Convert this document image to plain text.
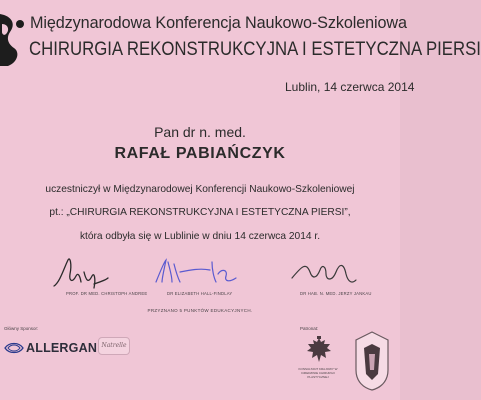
Międzynarodowa Konferencja Naukowo-Szkoleniowa
CHIRURGIA REKONSTRUKCYJNA I ESTETYCZNA PIERSI
Lublin, 14 czerwca 2014
Pan dr n. med.
RAFAŁ PABIAŃCZYK
uczestniczył w Międzynarodowej Konferencji Naukowo-Szkoleniowej
pt.: „CHIRURGIA REKONSTRUKCYJNA I ESTETYCZNA PIERSI”,
która odbyła się w Lublinie w dniu 14 czerwca 2014 r.
PROF. DR MED. CHRISTOPH ANDREE	DR ELIZABETH HALL-FINDLAY	DR HAB. N. MED. JERZY JANKAU
PRZYZNANO 5 PUNKTÓW EDUKACYJNYCH.
Główny Sponsor:
ALLERGAN Natrelle
Patronat:
KONSULTANT KRAJOWY W DZIEDZINIE CHIRURGII PLASTYCZNEJ
